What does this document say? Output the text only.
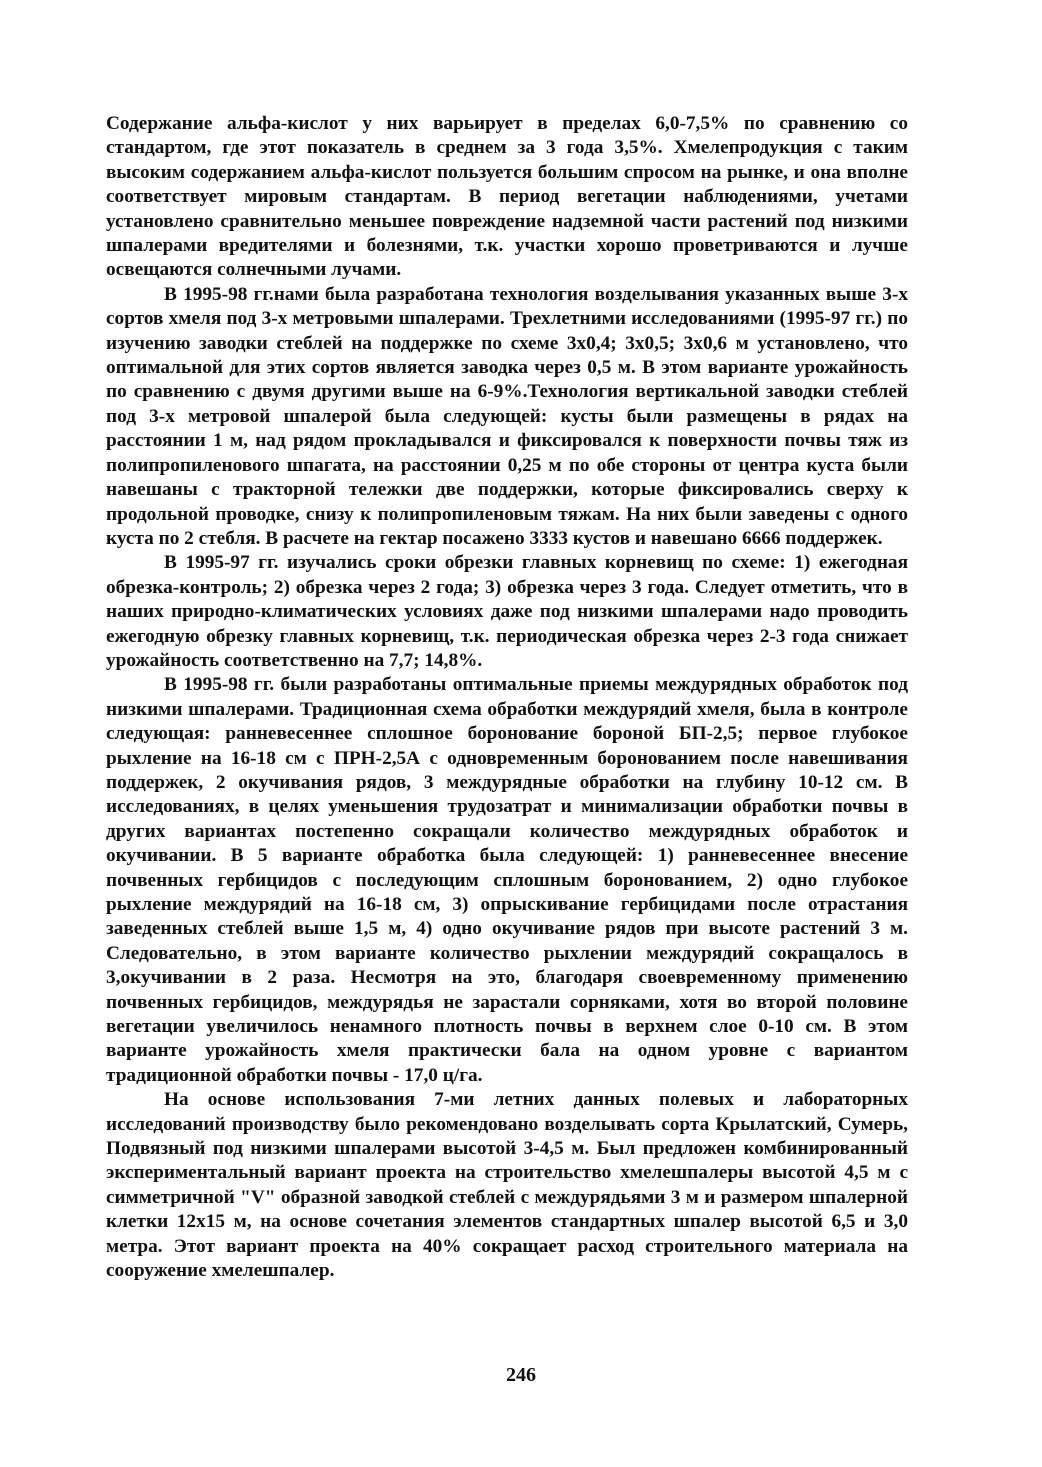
Содержание альфа-кислот у них варьирует в пределах 6,0-7,5% по сравнению со стандартом, где этот показатель в среднем за 3 года 3,5%. Хмелепродукция с таким высоким содержанием альфа-кислот пользуется большим спросом на рынке, и она вполне соответствует мировым стандартам. В период вегетации наблюдениями, учетами установлено сравнительно меньшее повреждение надземной части растений под низкими шпалерами вредителями и болезнями, т.к. участки хорошо проветриваются и лучше освещаются солнечными лучами.

В 1995-98 гг.нами была разработана технология возделывания указанных выше 3-х сортов хмеля под 3-х метровыми шпалерами. Трехлетними исследованиями (1995-97 гг.) по изучению заводки стеблей на поддержке по схеме 3х0,4; 3х0,5; 3х0,6 м установлено, что оптимальной для этих сортов является заводка через 0,5 м. В этом варианте урожайность по сравнению с двумя другими выше на 6-9%.Технология вертикальной заводки стеблей под 3-х метровой шпалерой была следующей: кусты были размещены в рядах на расстоянии 1 м, над рядом прокладывался и фиксировался к поверхности почвы тяж из полипропиленового шпагата, на расстоянии 0,25 м по обе стороны от центра куста были навешаны с тракторной тележки две поддержки, которые фиксировались сверху к продольной проводке, снизу к полипропиленовым тяжам. На них были заведены с одного куста по 2 стебля. В расчете на гектар посажено 3333 кустов и навешано 6666 поддержек.

В 1995-97 гг. изучались сроки обрезки главных корневищ по схеме: 1) ежегодная обрезка-контроль; 2) обрезка через 2 года; 3) обрезка через 3 года. Следует отметить, что в наших природно-климатических условиях даже под низкими шпалерами надо проводить ежегодную обрезку главных корневищ, т.к. периодическая обрезка через 2-3 года снижает урожайность соответственно на 7,7; 14,8%.

В 1995-98 гг. были разработаны оптимальные приемы междурядных обработок под низкими шпалерами. Традиционная схема обработки междурядий хмеля, была в контроле следующая: ранневесеннее сплошное боронование бороной БП-2,5; первое глубокое рыхление на 16-18 см с ПРН-2,5А с одновременным боронованием после навешивания поддержек, 2 окучивания рядов, 3 междурядные обработки на глубину 10-12 см. В исследованиях, в целях уменьшения трудозатрат и минимализации обработки почвы в других вариантах постепенно сокращали количество междурядных обработок и окучивании. В 5 варианте обработка была следующей: 1) ранневесеннее внесение почвенных гербицидов с последующим сплошным боронованием, 2) одно глубокое рыхление междурядий на 16-18 см, 3) опрыскивание гербицидами после отрастания заведенных стеблей выше 1,5 м, 4) одно окучивание рядов при высоте растений 3 м. Следовательно, в этом варианте количество рыхлении междурядий сокращалось в 3,окучивании в 2 раза. Несмотря на это, благодаря своевременному применению почвенных гербицидов, междурядья не зарастали сорняками, хотя во второй половине вегетации увеличилось ненамного плотность почвы в верхнем слое 0-10 см. В этом варианте урожайность хмеля практически бала на одном уровне с вариантом традиционной обработки почвы - 17,0 ц/га.

На основе использования 7-ми летних данных полевых и лабораторных исследований производству было рекомендовано возделывать сорта Крылатский, Сумерь, Подвязный под низкими шпалерами высотой 3-4,5 м. Был предложен комбинированный экспериментальный вариант проекта на строительство хмелешпалеры высотой 4,5 м с симметричной "V" образной заводкой стеблей с междурядьями 3 м и размером шпалерной клетки 12х15 м, на основе сочетания элементов стандартных шпалер высотой 6,5 и 3,0 метра. Этот вариант проекта на 40% сокращает расход строительного материала на сооружение хмелешпалер.

246
